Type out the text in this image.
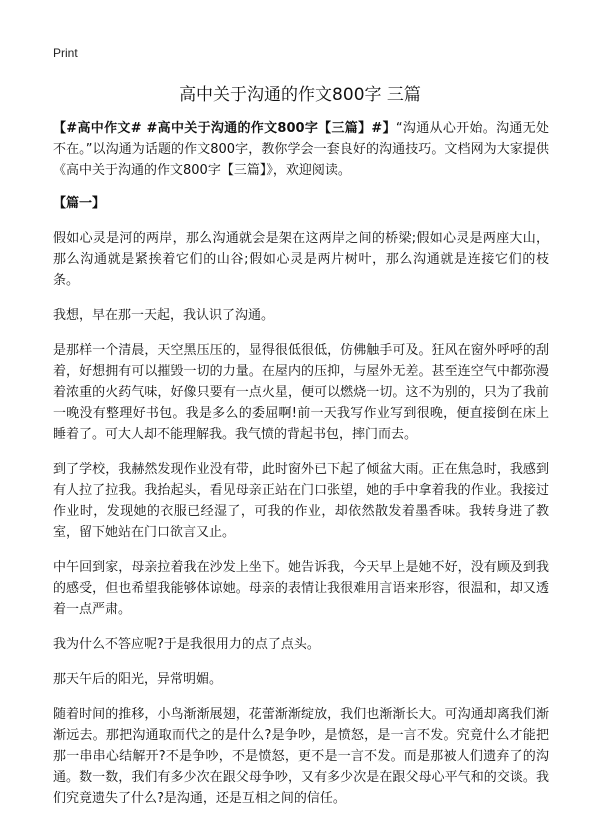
Print
高中关于沟通的作文800字 三篇

【#高中作文# #高中关于沟通的作文800字【三篇】#】“沟通从心开始。沟通无处不在。”以沟通为话题的作文800字，教你学会一套良好的沟通技巧。文档网为大家提供《高中关于沟通的作文800字【三篇】》，欢迎阅读。

【篇一】

假如心灵是河的两岸，那么沟通就会是架在这两岸之间的桥梁;假如心灵是两座大山，那么沟通就是紧挨着它们的山谷;假如心灵是两片树叶，那么沟通就是连接它们的枝条。

我想，早在那一天起，我认识了沟通。

是那样一个清晨，天空黑压压的，显得很低很低，仿佛触手可及。狂风在窗外呼呼的刮着，好想拥有可以摧毁一切的力量。在屋内的压抑，与屋外无差。甚至连空气中都弥漫着浓重的火药气味，好像只要有一点火星，便可以燃烧一切。这不为别的，只为了我前一晚没有整理好书包。我是多么的委屈啊!前一天我写作业写到很晚，便直接倒在床上睡着了。可大人却不能理解我。我气愤的背起书包，摔门而去。

到了学校，我赫然发现作业没有带，此时窗外已下起了倾盆大雨。正在焦急时，我感到有人拉了拉我。我抬起头，看见母亲正站在门口张望，她的手中拿着我的作业。我接过作业时，发现她的衣服已经湿了，可我的作业，却依然散发着墨香味。我转身进了教室，留下她站在门口欲言又止。

中午回到家，母亲拉着我在沙发上坐下。她告诉我，今天早上是她不好，没有顾及到我的感受，但也希望我能够体谅她。母亲的表情让我很难用言语来形容，很温和，却又透着一点严肃。

我为什么不答应呢?于是我很用力的点了点头。

那天午后的阳光，异常明媚。

随着时间的推移，小鸟渐渐展翅，花蕾渐渐绽放，我们也渐渐长大。可沟通却离我们渐渐远去。那把沟通取而代之的是什么?是争吵，是愤怒，是一言不发。究竟什么才能把那一串串心结解开?不是争吵，不是愤怒，更不是一言不发。而是那被人们遗弃了的沟通。数一数，我们有多少次在跟父母争吵，又有多少次是在跟父母心平气和的交谈。我们究竟遗失了什么?是沟通，还是互相之间的信任。
